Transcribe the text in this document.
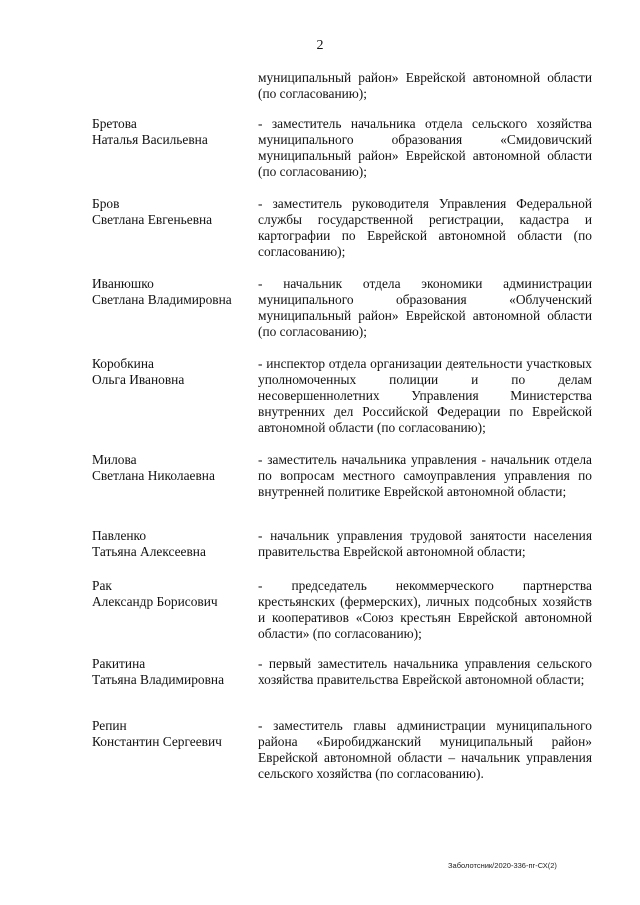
2
муниципальный район» Еврейской автономной области (по согласованию);
Бретова
Наталья Васильевна
- заместитель начальника отдела сельского хозяйства муниципального образования «Смидовичский муниципальный район» Еврейской автономной области (по согласованию);
Бров
Светлана Евгеньевна
- заместитель руководителя Управления Федеральной службы государственной регистрации, кадастра и картографии по Еврейской автономной области (по согласованию);
Иванюшко
Светлана Владимировна
- начальник отдела экономики администрации муниципального образования «Облученский муниципальный район» Еврейской автономной области (по согласованию);
Коробкина
Ольга Ивановна
- инспектор отдела организации деятельности участковых уполномоченных полиции и по делам несовершеннолетних Управления Министерства внутренних дел Российской Федерации по Еврейской автономной области (по согласованию);
Милова
Светлана Николаевна
- заместитель начальника управления - начальник отдела по вопросам местного самоуправления управления по внутренней политике Еврейской автономной области;
Павленко
Татьяна Алексеевна
- начальник управления трудовой занятости населения правительства Еврейской автономной области;
Рак
Александр Борисович
- председатель некоммерческого партнерства крестьянских (фермерских), личных подсобных хозяйств и кооперативов «Союз крестьян Еврейской автономной области» (по согласованию);
Ракитина
Татьяна Владимировна
- первый заместитель начальника управления сельского хозяйства правительства Еврейской автономной области;
Репин
Константин Сергеевич
- заместитель главы администрации муниципального района «Биробиджанский муниципальный район» Еврейской автономной области – начальник управления сельского хозяйства (по согласованию).
Заболотсник/2020-336-пг-СХ(2)
